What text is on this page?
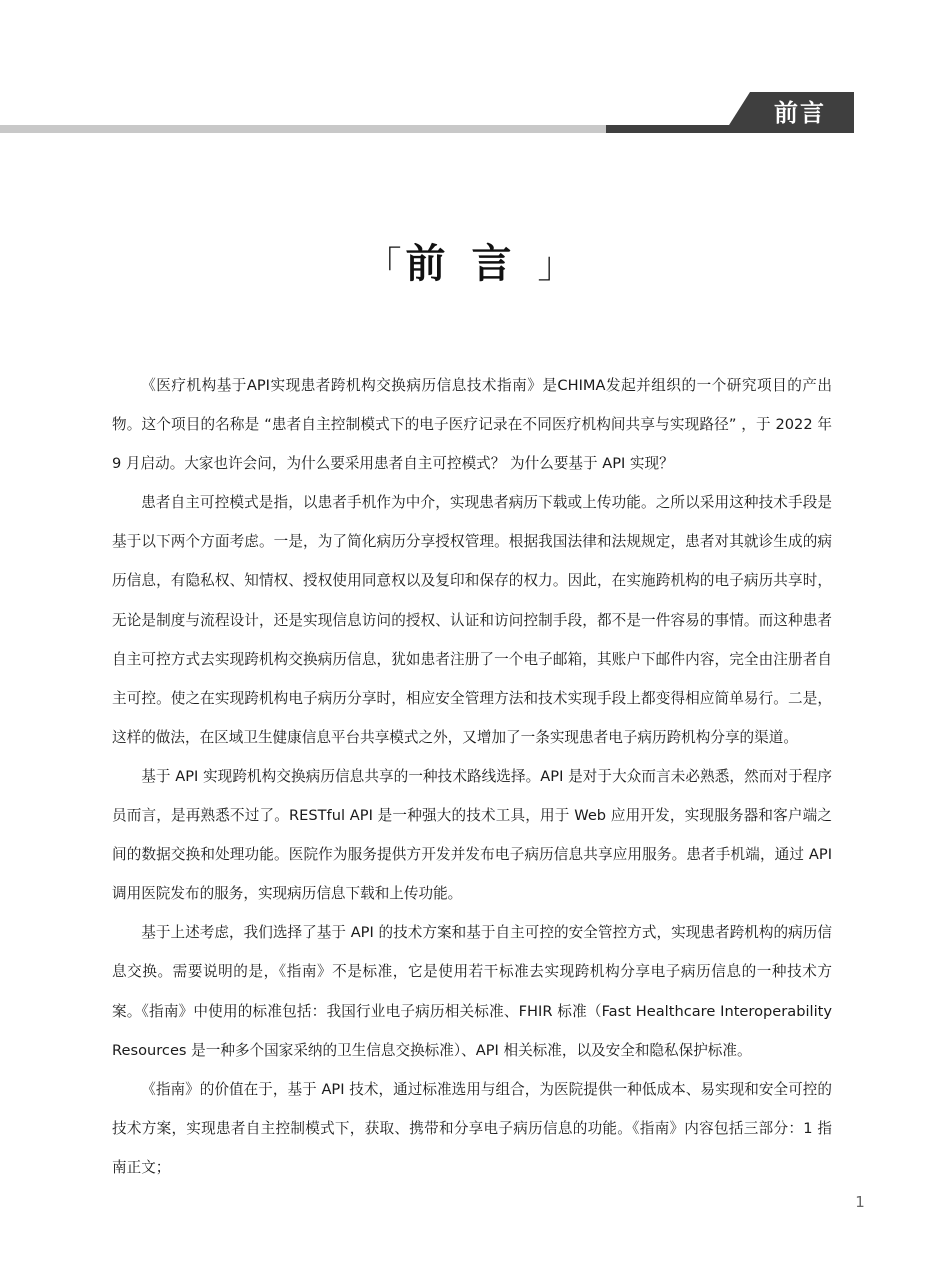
前言
「前言」

《医疗机构基于API实现患者跨机构交换病历信息技术指南》是CHIMA发起并组织的一个研究项目的产出物。这个项目的名称是 “患者自主控制模式下的电子医疗记录在不同医疗机构间共享与实现路径” ，于 2022 年 9 月启动。大家也许会问，为什么要采用患者自主可控模式？ 为什么要基于 API 实现？

患者自主可控模式是指，以患者手机作为中介，实现患者病历下载或上传功能。之所以采用这种技术手段是基于以下两个方面考虑。一是，为了简化病历分享授权管理。根据我国法律和法规规定，患者对其就诊生成的病历信息，有隐私权、知情权、授权使用同意权以及复印和保存的权力。因此，在实施跨机构的电子病历共享时，无论是制度与流程设计，还是实现信息访问的授权、认证和访问控制手段，都不是一件容易的事情。而这种患者自主可控方式去实现跨机构交换病历信息，犹如患者注册了一个电子邮箱，其账户下邮件内容，完全由注册者自主可控。使之在实现跨机构电子病历分享时，相应安全管理方法和技术实现手段上都变得相应简单易行。二是，这样的做法，在区域卫生健康信息平台共享模式之外，又增加了一条实现患者电子病历跨机构分享的渠道。

基于 API 实现跨机构交换病历信息共享的一种技术路线选择。API 是对于大众而言未必熟悉，然而对于程序员而言，是再熟悉不过了。RESTful API 是一种强大的技术工具，用于 Web 应用开发，实现服务器和客户端之间的数据交换和处理功能。医院作为服务提供方开发并发布电子病历信息共享应用服务。患者手机端，通过 API 调用医院发布的服务，实现病历信息下载和上传功能。

基于上述考虑，我们选择了基于 API 的技术方案和基于自主可控的安全管控方式，实现患者跨机构的病历信息交换。需要说明的是，《指南》不是标准，它是使用若干标准去实现跨机构分享电子病历信息的一种技术方案。《指南》中使用的标准包括：我国行业电子病历相关标准、FHIR 标准（Fast Healthcare Interoperability Resources 是一种多个国家采纳的卫生信息交换标准）、API 相关标准，以及安全和隐私保护标准。

《指南》的价值在于，基于 API 技术，通过标准选用与组合，为医院提供一种低成本、易实现和安全可控的技术方案，实现患者自主控制模式下，获取、携带和分享电子病历信息的功能。《指南》内容包括三部分：1 指南正文；

1
